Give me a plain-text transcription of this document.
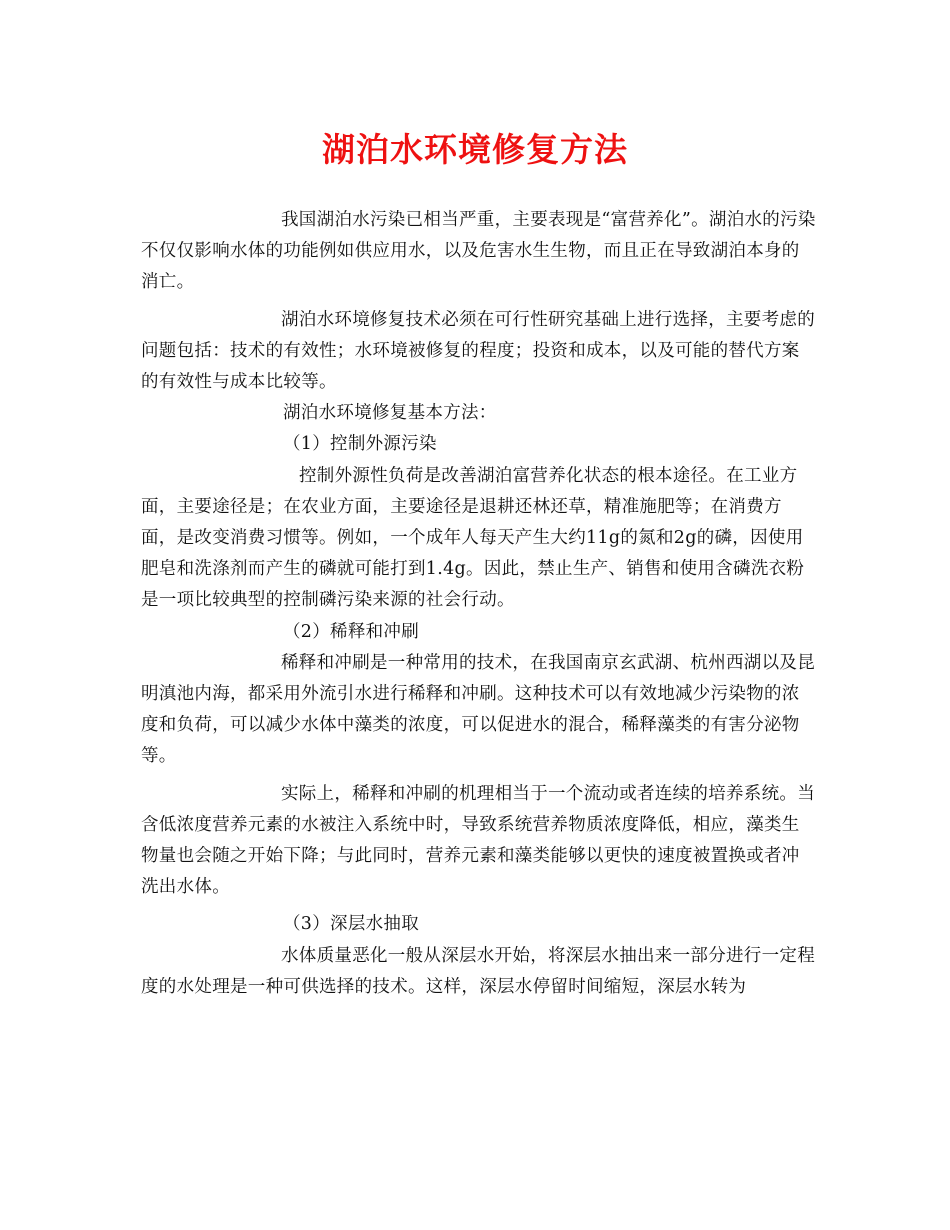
湖泊水环境修复方法

我国湖泊水污染已相当严重，主要表现是“富营养化”。湖泊水的污染不仅仅影响水体的功能例如供应用水，以及危害水生生物，而且正在导致湖泊本身的消亡。

湖泊水环境修复技术必须在可行性研究基础上进行选择，主要考虑的问题包括：技术的有效性；水环境被修复的程度；投资和成本，以及可能的替代方案的有效性与成本比较等。

湖泊水环境修复基本方法：

（1）控制外源污染

控制外源性负荷是改善湖泊富营养化状态的根本途径。在工业方面，主要途径是；在农业方面，主要途径是退耕还林还草，精准施肥等；在消费方面，是改变消费习惯等。例如，一个成年人每天产生大约11g的氮和2g的磷，因使用肥皂和洗涤剂而产生的磷就可能打到1.4g。因此，禁止生产、销售和使用含磷洗衣粉是一项比较典型的控制磷污染来源的社会行动。

（2）稀释和冲刷

稀释和冲刷是一种常用的技术，在我国南京玄武湖、杭州西湖以及昆明滇池内海，都采用外流引水进行稀释和冲刷。这种技术可以有效地减少污染物的浓度和负荷，可以减少水体中藻类的浓度，可以促进水的混合，稀释藻类的有害分泌物等。

实际上，稀释和冲刷的机理相当于一个流动或者连续的培养系统。当含低浓度营养元素的水被注入系统中时，导致系统营养物质浓度降低，相应，藻类生物量也会随之开始下降；与此同时，营养元素和藻类能够以更快的速度被置换或者冲洗出水体。

（3）深层水抽取

水体质量恶化一般从深层水开始，将深层水抽出来一部分进行一定程度的水处理是一种可供选择的技术。这样，深层水停留时间缩短，深层水转为
